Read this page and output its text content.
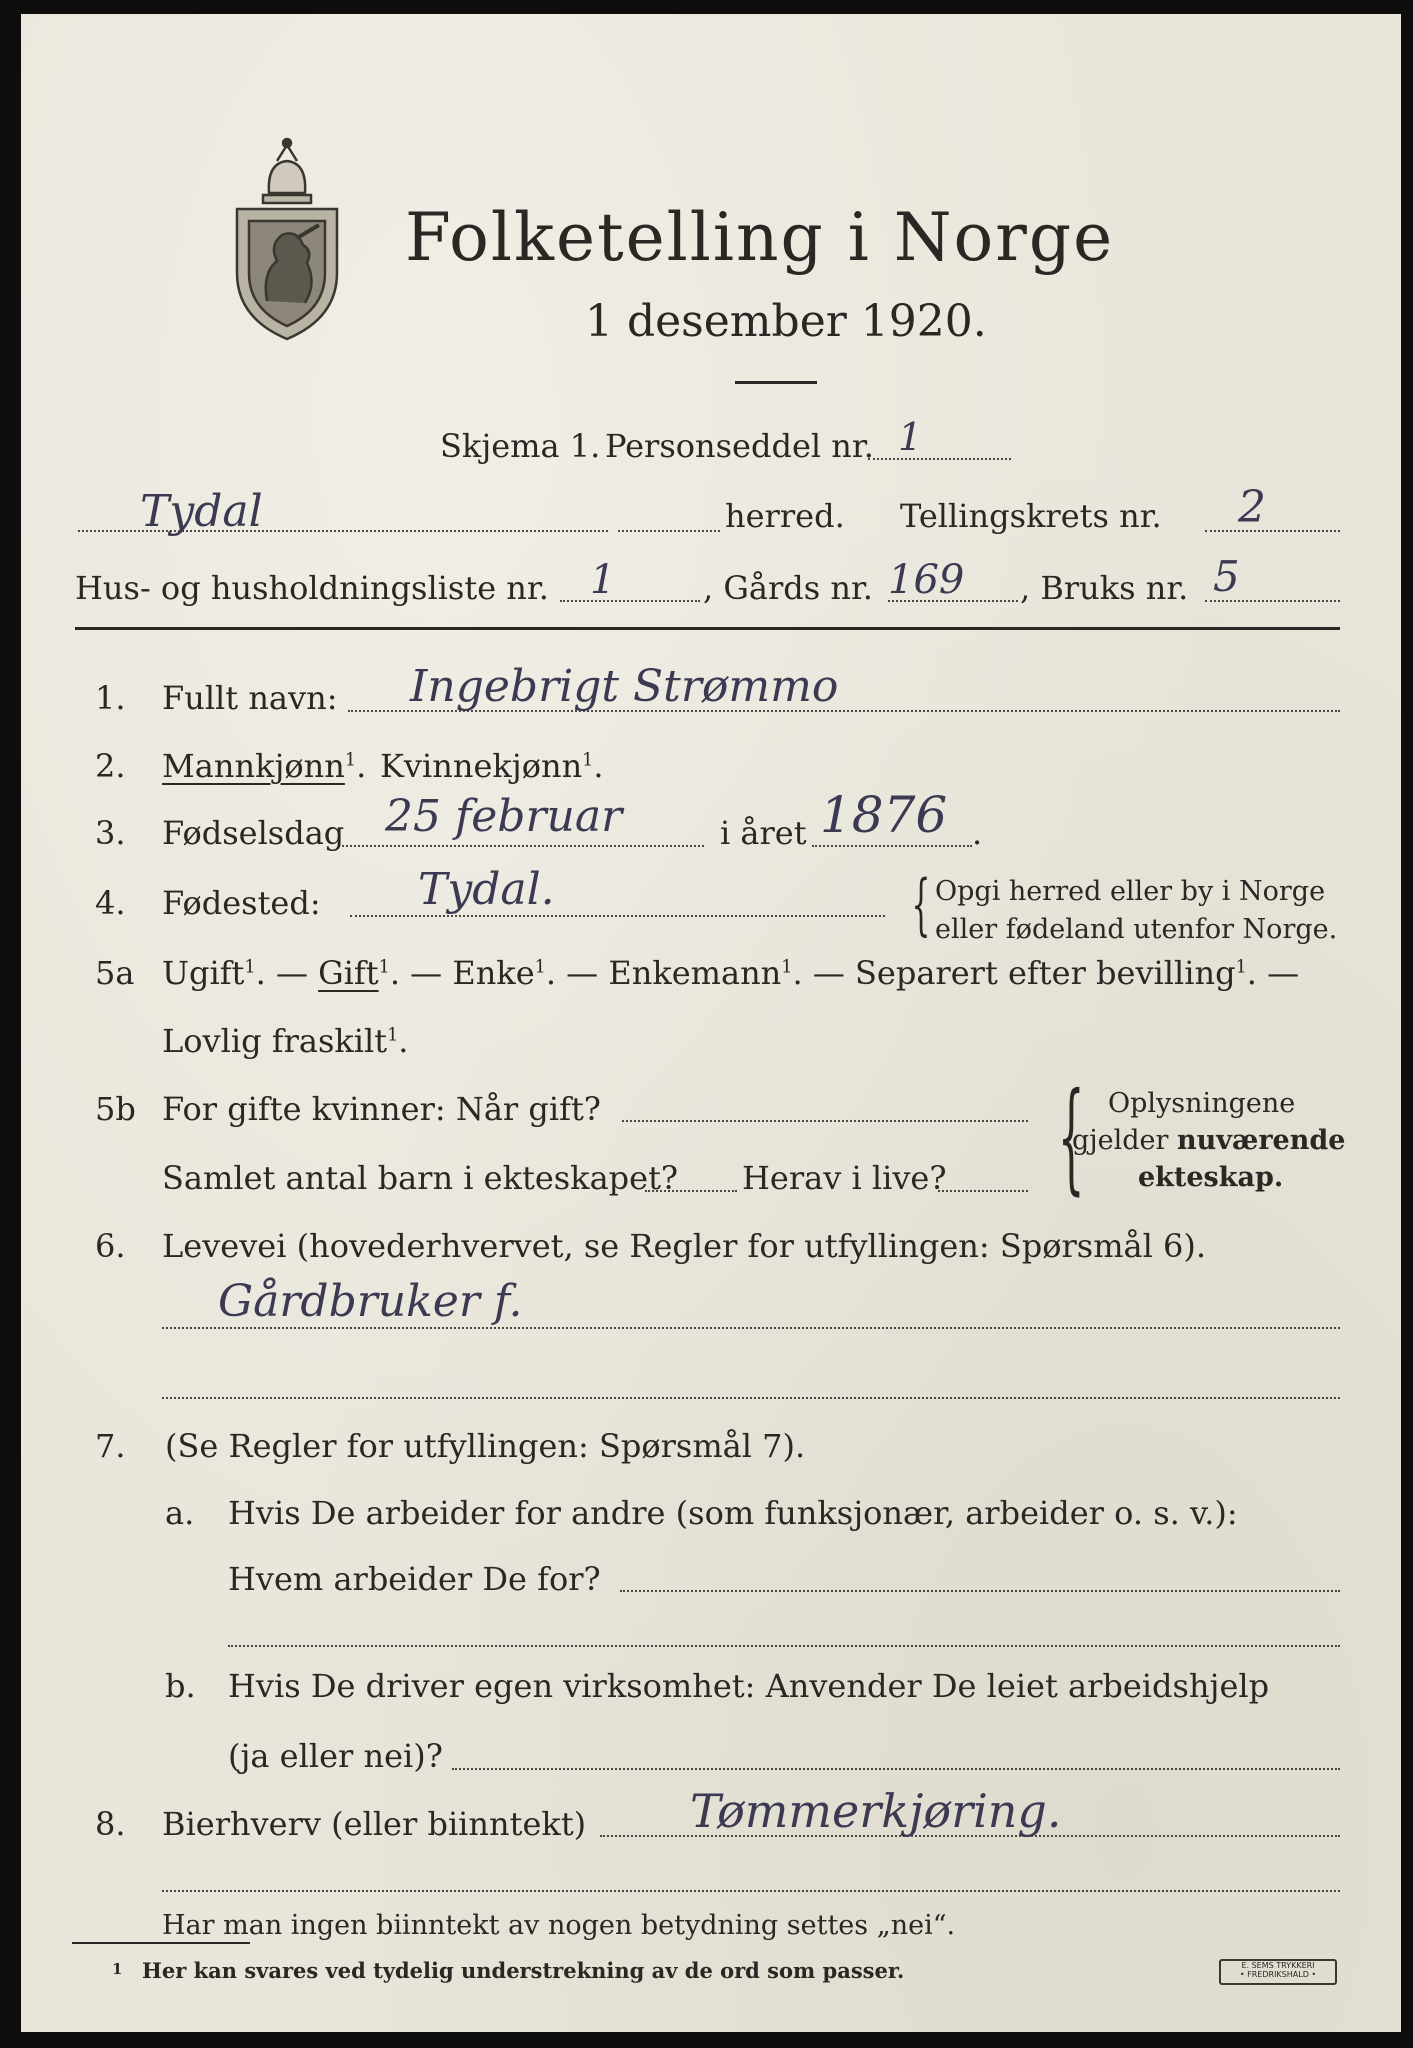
Folketelling i Norge
1 desember 1920.
Skjema 1. Personseddel nr. 1
Tydal	herred. Tellingskrets nr. 2
Hus- og husholdningsliste nr. 1	, Gårds nr. 169 , Bruks nr. 5
1. Fullt navn: Ingebrigt Strømmo
2. Mannkjønn$^1$. Kvinnekjønn$^1$.
3. Fødselsdag 25 februar	i året 1876 .
4. Fødested: Tydal.	{ Opgi herred eller by i Norge
eller fødeland utenfor Norge.
5a Ugift$^1$. — Gift$^1$. — Enke$^1$. — Enkemann$^1$. — Separert efter bevilling$^1$. —
Lovlig fraskilt$^1$.
5b For gifte kvinner: Når gift?
Samlet antal barn i ekteskapet? Herav i live? { Oplysningene
gjelder nuværende
ekteskap.
6. Levevei (hovederhvervet, se Regler for utfyllingen: Spørsmål 6).
Gårdbruker f.
7. (Se Regler for utfyllingen: Spørsmål 7).
a. Hvis De arbeider for andre (som funksjonær, arbeider o. s. v.):
Hvem arbeider De for?
b. Hvis De driver egen virksomhet: Anvender De leiet arbeidshjelp
(ja eller nei)?
8. Bierhverv (eller biinntekt) Tømmerkjøring.
Har man ingen biinntekt av nogen betydning settes „nei“.
1 Her kan svares ved tydelig understrekning av de ord som passer.	E. SEMS TRYKKERI
• FREDRIKSHALD •
